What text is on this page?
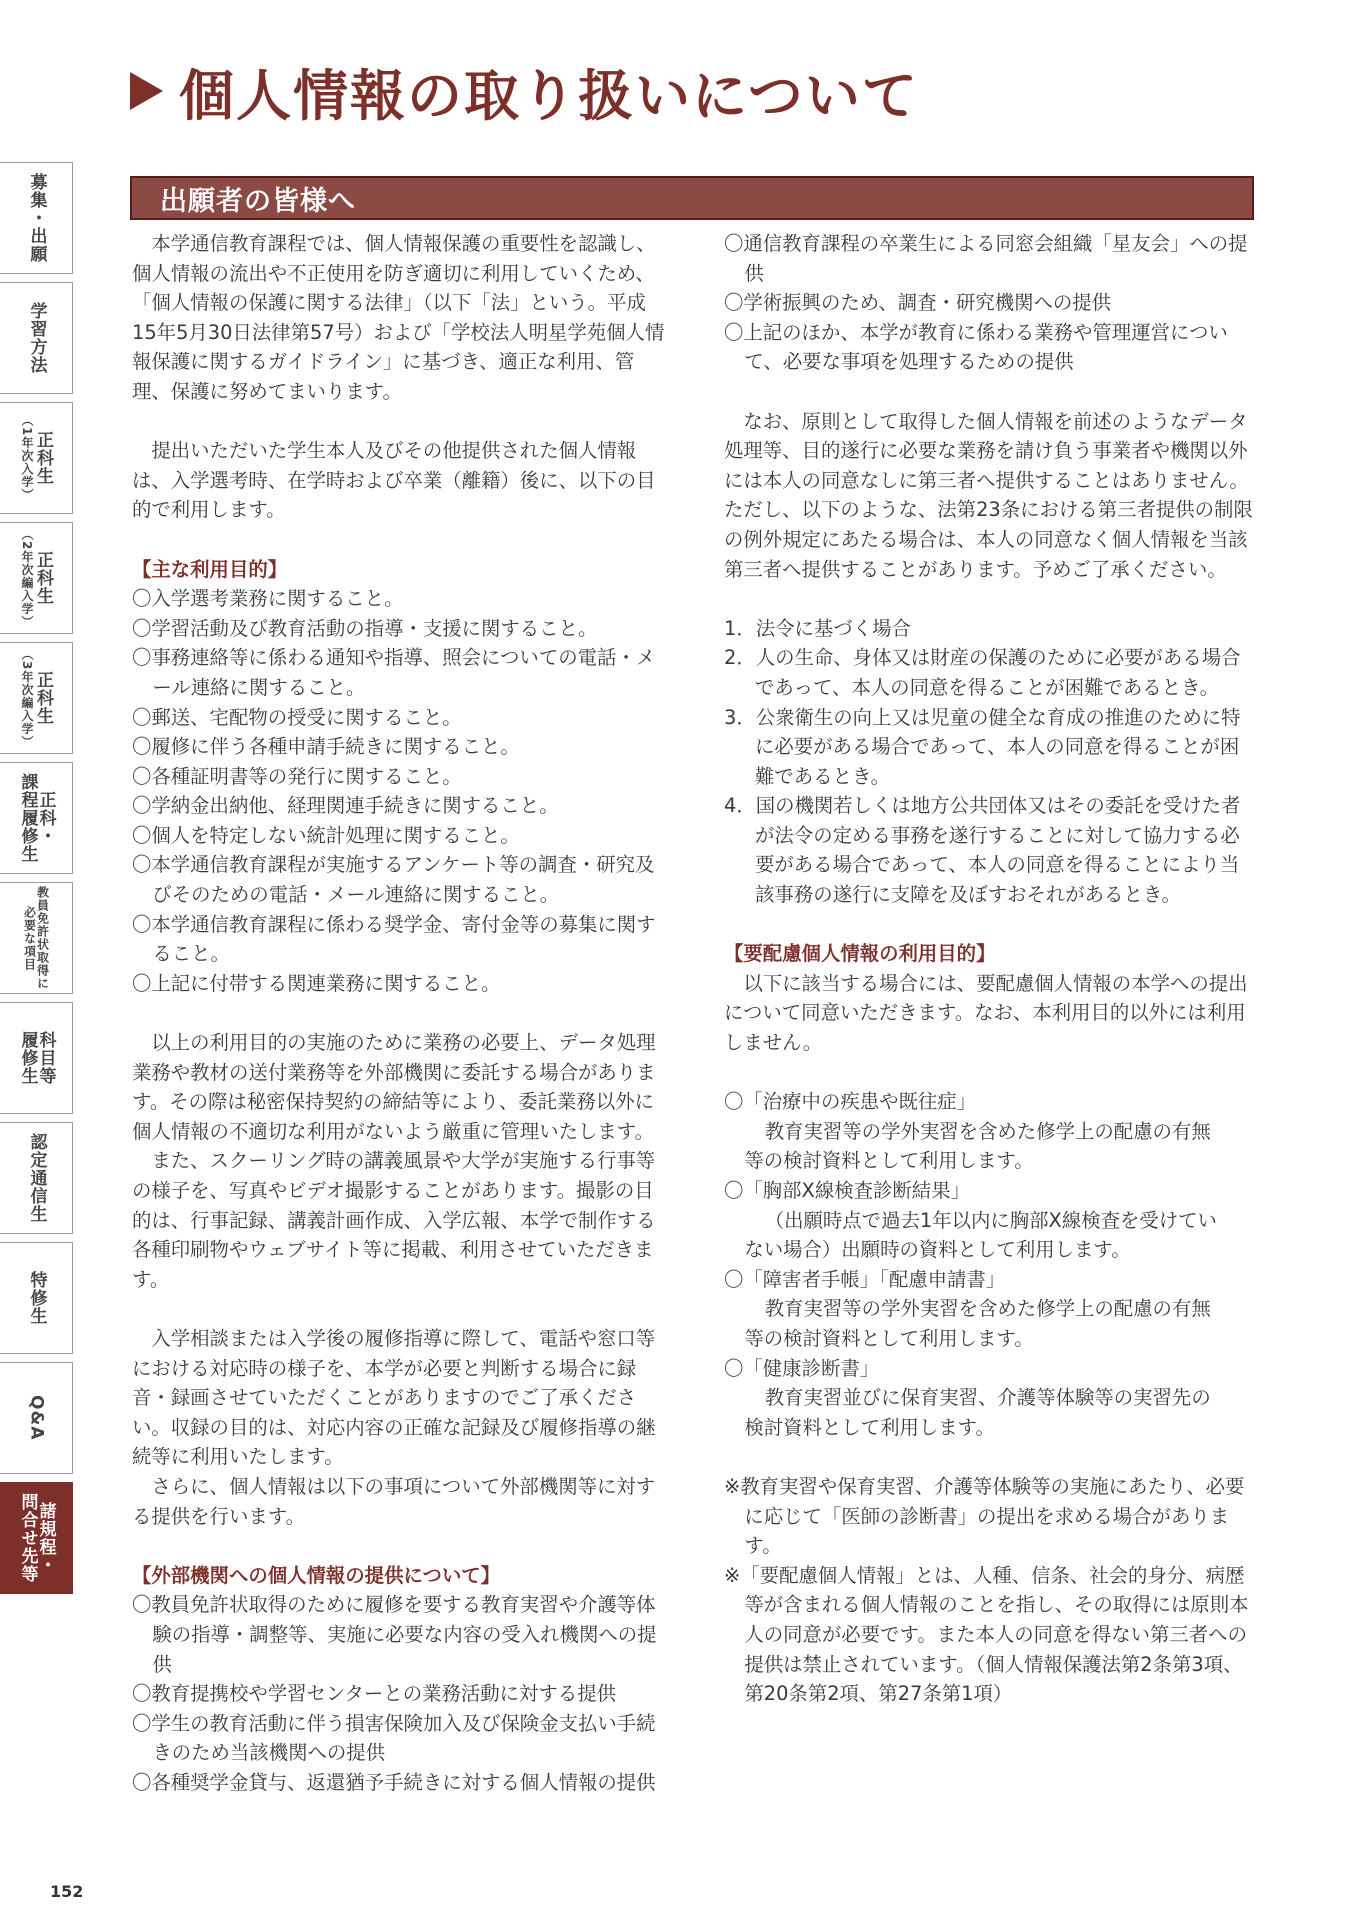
個人情報の取り扱いについて
出願者の皆様へ
募集・出願
学習方法
正科生
（1年次入学）
正科生
（2年次編入学）
正科生
（3年次編入学）
正科・
課程履修生
教員免許状取得に
必要な項目
科目等
履修生
認定通信生
特修生
Q&A
諸規程・
問合せ先等

本学通信教育課程では、個人情報保護の重要性を認識し、個人情報の流出や不正使用を防ぎ適切に利用していくため、「個人情報の保護に関する法律」（以下「法」という。平成15年5月30日法律第57号）および「学校法人明星学苑個人情報保護に関するガイドライン」に基づき、適正な利用、管理、保護に努めてまいります。

提出いただいた学生本人及びその他提供された個人情報は、入学選考時、在学時および卒業（離籍）後に、以下の目的で利用します。

【主な利用目的】

〇入学選考業務に関すること。

〇学習活動及び教育活動の指導・支援に関すること。

〇事務連絡等に係わる通知や指導、照会についての電話・メール連絡に関すること。

〇郵送、宅配物の授受に関すること。

〇履修に伴う各種申請手続きに関すること。

〇各種証明書等の発行に関すること。

〇学納金出納他、経理関連手続きに関すること。

〇個人を特定しない統計処理に関すること。

〇本学通信教育課程が実施するアンケート等の調査・研究及びそのための電話・メール連絡に関すること。

〇本学通信教育課程に係わる奨学金、寄付金等の募集に関すること。

〇上記に付帯する関連業務に関すること。

以上の利用目的の実施のために業務の必要上、データ処理業務や教材の送付業務等を外部機関に委託する場合があります。その際は秘密保持契約の締結等により、委託業務以外に個人情報の不適切な利用がないよう厳重に管理いたします。

また、スクーリング時の講義風景や大学が実施する行事等の様子を、写真やビデオ撮影することがあります。撮影の目的は、行事記録、講義計画作成、入学広報、本学で制作する各種印刷物やウェブサイト等に掲載、利用させていただきます。

入学相談または入学後の履修指導に際して、電話や窓口等における対応時の様子を、本学が必要と判断する場合に録音・録画させていただくことがありますのでご了承ください。収録の目的は、対応内容の正確な記録及び履修指導の継続等に利用いたします。

さらに、個人情報は以下の事項について外部機関等に対する提供を行います。

【外部機関への個人情報の提供について】

〇教員免許状取得のために履修を要する教育実習や介護等体験の指導・調整等、実施に必要な内容の受入れ機関への提供

〇教育提携校や学習センターとの業務活動に対する提供

〇学生の教育活動に伴う損害保険加入及び保険金支払い手続きのため当該機関への提供

〇各種奨学金貸与、返還猶予手続きに対する個人情報の提供

〇通信教育課程の卒業生による同窓会組織「星友会」への提供

〇学術振興のため、調査・研究機関への提供

〇上記のほか、本学が教育に係わる業務や管理運営について、必要な事項を処理するための提供

なお、原則として取得した個人情報を前述のようなデータ処理等、目的遂行に必要な業務を請け負う事業者や機関以外には本人の同意なしに第三者へ提供することはありません。ただし、以下のような、法第23条における第三者提供の制限の例外規定にあたる場合は、本人の同意なく個人情報を当該第三者へ提供することがあります。予めご了承ください。

1．法令に基づく場合

2．人の生命、身体又は財産の保護のために必要がある場合であって、本人の同意を得ることが困難であるとき。

3．公衆衛生の向上又は児童の健全な育成の推進のために特に必要がある場合であって、本人の同意を得ることが困難であるとき。

4．国の機関若しくは地方公共団体又はその委託を受けた者が法令の定める事務を遂行することに対して協力する必要がある場合であって、本人の同意を得ることにより当該事務の遂行に支障を及ぼすおそれがあるとき。

【要配慮個人情報の利用目的】

以下に該当する場合には、要配慮個人情報の本学への提出について同意いただきます。なお、本利用目的以外には利用しません。

〇「治療中の疾患や既往症」

教育実習等の学外実習を含めた修学上の配慮の有無

等の検討資料として利用します。

〇「胸部X線検査診断結果」

（出願時点で過去1年以内に胸部X線検査を受けてい

ない場合）出願時の資料として利用します。

〇「障害者手帳」「配慮申請書」

教育実習等の学外実習を含めた修学上の配慮の有無

等の検討資料として利用します。

〇「健康診断書」

教育実習並びに保育実習、介護等体験等の実習先の

検討資料として利用します。

※教育実習や保育実習、介護等体験等の実施にあたり、必要に応じて「医師の診断書」の提出を求める場合があります。

※「要配慮個人情報」とは、人種、信条、社会的身分、病歴等が含まれる個人情報のことを指し、その取得には原則本人の同意が必要です。また本人の同意を得ない第三者への提供は禁止されています。（個人情報保護法第2条第3項、第20条第2項、第27条第1項）

152
